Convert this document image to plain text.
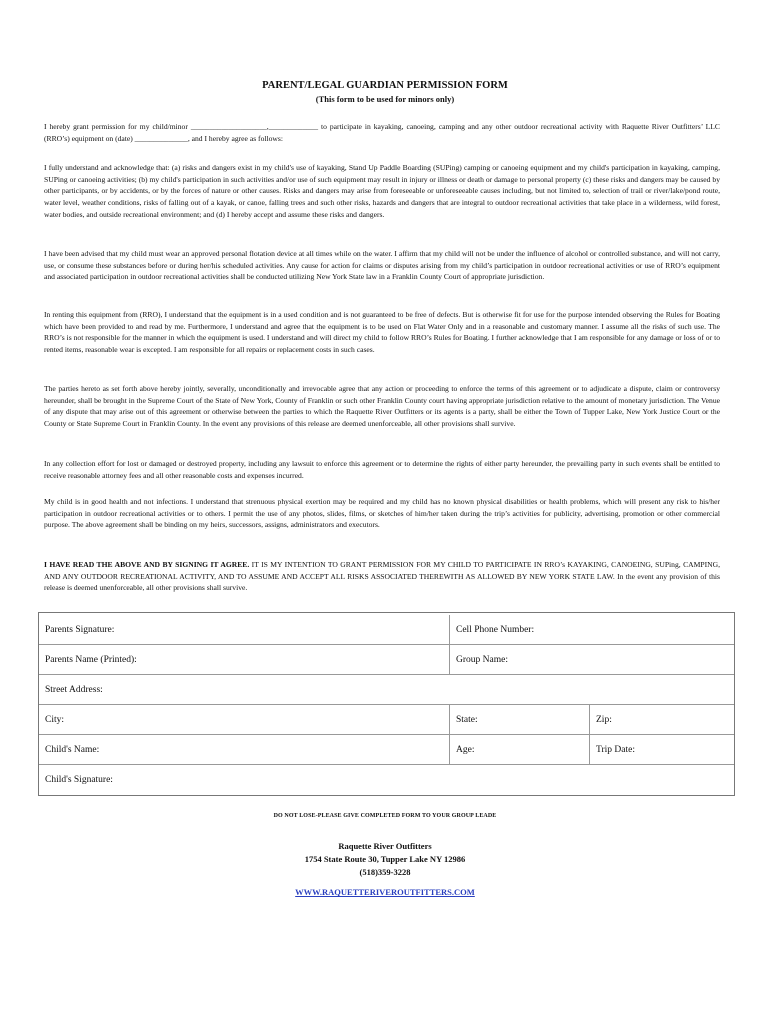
PARENT/LEGAL GUARDIAN PERMISSION FORM
(This form to be used for minors only)
I hereby grant permission for my child/minor ____________________,_____________ to participate in kayaking, canoeing, camping and any other outdoor recreational activity with Raquette River Outfitters’ LLC (RRO’s) equipment on (date) ______________, and I hereby agree as follows:
I fully understand and acknowledge that: (a) risks and dangers exist in my child's use of kayaking, Stand Up Paddle Boarding (SUPing) camping or canoeing equipment and my child's participation in kayaking, camping, SUPing or canoeing activities; (b) my child's participation in such activities and/or use of such equipment may result in injury or illness or death or damage to personal property (c) these risks and dangers may be caused by other participants, or by accidents, or by the forces of nature or other causes. Risks and dangers may arise from foreseeable or unforeseeable causes including, but not limited to, selection of trail or river/lake/pond route, water level, weather conditions, risks of falling out of a kayak, or canoe, falling trees and such other risks, hazards and dangers that are integral to outdoor recreational activities that take place in a wilderness, wild forest, water bodies, and outside recreational environment; and (d) I hereby accept and assume these risks and dangers.
I have been advised that my child must wear an approved personal flotation device at all times while on the water. I affirm that my child will not be under the influence of alcohol or controlled substance, and will not carry, use, or consume these substances before or during her/his scheduled activities. Any cause for action for claims or disputes arising from my child’s participation in outdoor recreational activities or use of RRO’s equipment and associated participation in outdoor recreational activities shall be conducted utilizing New York State law in a Franklin County Court of appropriate jurisdiction.
In renting this equipment from (RRO), I understand that the equipment is in a used condition and is not guaranteed to be free of defects. But is otherwise fit for use for the purpose intended observing the Rules for Boating which have been provided to and read by me. Furthermore, I understand and agree that the equipment is to be used on Flat Water Only and in a reasonable and customary manner. I assume all the risks of such use. The RRO’s is not responsible for the manner in which the equipment is used. I understand and will direct my child to follow RRO’s Rules for Boating. I further acknowledge that I am responsible for any damage or loss of or to rented items, reasonable wear is excepted. I am responsible for all repairs or replacement costs in such cases.
The parties hereto as set forth above hereby jointly, severally, unconditionally and irrevocable agree that any action or proceeding to enforce the terms of this agreement or to adjudicate a dispute, claim or controversy hereunder, shall be brought in the Supreme Court of the State of New York, County of Franklin or such other Franklin County court having appropriate jurisdiction relative to the amount of monetary jurisdiction. The Venue of any dispute that may arise out of this agreement or otherwise between the parties to which the Raquette River Outfitters or its agents is a party, shall be either the Town of Tupper Lake, New York Justice Court or the County or State Supreme Court in Franklin County. In the event any provisions of this release are deemed unenforceable, all other provisions shall survive.
In any collection effort for lost or damaged or destroyed property, including any lawsuit to enforce this agreement or to determine the rights of either party hereunder, the prevailing party in such events shall be entitled to receive reasonable attorney fees and all other reasonable costs and expenses incurred.
My child is in good health and not infections. I understand that strenuous physical exertion may be required and my child has no known physical disabilities or health problems, which will present any risk to his/her participation in outdoor recreational activities or to others. I permit the use of any photos, slides, films, or sketches of him/her taken during the trip’s activities for publicity, advertising, promotion or other commercial purpose. The above agreement shall be binding on my heirs, successors, assigns, administrators and executors.
I HAVE READ THE ABOVE AND BY SIGNING IT AGREE. IT IS MY INTENTION TO GRANT PERMISSION FOR MY CHILD TO PARTICIPATE IN RRO’s KAYAKING, CANOEING, SUPing, CAMPING, AND ANY OUTDOOR RECREATIONAL ACTIVITY, AND TO ASSUME AND ACCEPT ALL RISKS ASSOCIATED THEREWITH AS ALLOWED BY NEW YORK STATE LAW. In the event any provision of this release is deemed unenforceable, all other provisions shall survive.
Parents Signature:	Cell Phone Number:
Parents Name (Printed):	Group Name:
Street Address:
City:	State:	Zip:
Child's Name:	Age:	Trip Date:
Child's Signature:
DO NOT LOSE-PLEASE GIVE COMPLETED FORM TO YOUR GROUP LEADE
Raquette River Outfitters
1754 State Route 30, Tupper Lake NY 12986
(518)359-3228
WWW.RAQUETTERIVEROUTFITTERS.COM
